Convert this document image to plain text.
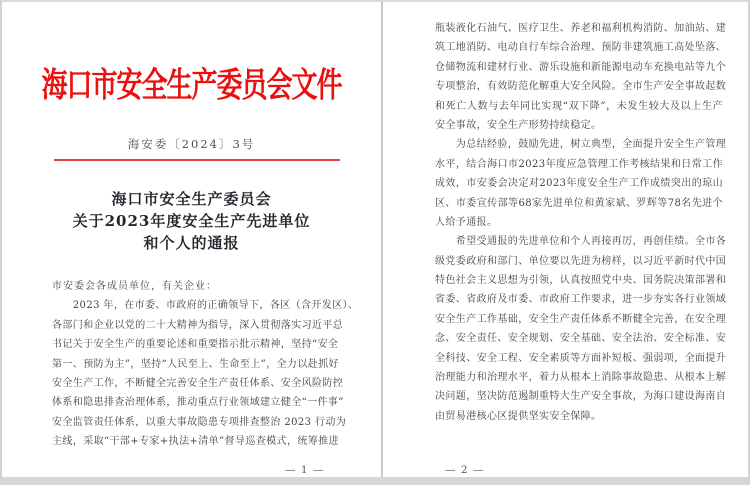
海口市安全生产委员会文件
海安委〔2024〕3号
海口市安全生产委员会
关于2023年度安全生产先进单位
和个人的通报
市安委会各成员单位，有关企业：
　　2023 年，在市委、市政府的正确领导下，各区（含开发区）、
各部门和企业以党的二十大精神为指导，深入贯彻落实习近平总
书记关于安全生产的重要论述和重要指示批示精神，坚持“安全
第一、预防为主”，坚持“人民至上、生命至上”，全力以赴抓好
安全生产工作，不断健全完善安全生产责任体系、安全风险防控
体系和隐患排查治理体系，推动重点行业领域建立健全“一件事”
安全监管责任体系，以重大事故隐患专项排查整治 2023 行动为
主线，采取“干部+专家+执法+清单”督导巡查模式，统筹推进
— 1 —
瓶装液化石油气、医疗卫生、养老和福利机构消防、加油站、建
筑工地消防、电动自行车综合治理、预防非建筑施工高处坠落、
仓储物流和建材行业、游乐设施和新能源电动车充换电站等九个
专项整治，有效防范化解重大安全风险。全市生产安全事故起数
和死亡人数与去年同比实现“双下降”，未发生较大及以上生产
安全事故，安全生产形势持续稳定。
　　为总结经验，鼓励先进，树立典型，全面提升安全生产管理
水平，结合海口市2023年度应急管理工作考核结果和日常工作
成效，市安委会决定对2023年度安全生产工作成绩突出的琼山
区、市委宣传部等68家先进单位和黄家斌、罗辉等78名先进个
人给予通报。
　　希望受通报的先进单位和个人再接再厉，再创佳绩。全市各
级党委政府和部门、单位要以先进为榜样，以习近平新时代中国
特色社会主义思想为引领，认真按照党中央、国务院决策部署和
省委、省政府及市委、市政府工作要求，进一步夯实各行业领域
安全生产工作基础，安全生产责任体系不断健全完善，在安全理
念、安全责任、安全规划、安全基础、安全法治、安全标准、安
全科技、安全工程、安全素质等方面补短板、强弱项，全面提升
治理能力和治理水平，着力从根本上消除事故隐患、从根本上解
决问题，坚决防范遏制重特大生产安全事故，为海口建设海南自
由贸易港核心区提供坚实安全保障。
— 2 —
